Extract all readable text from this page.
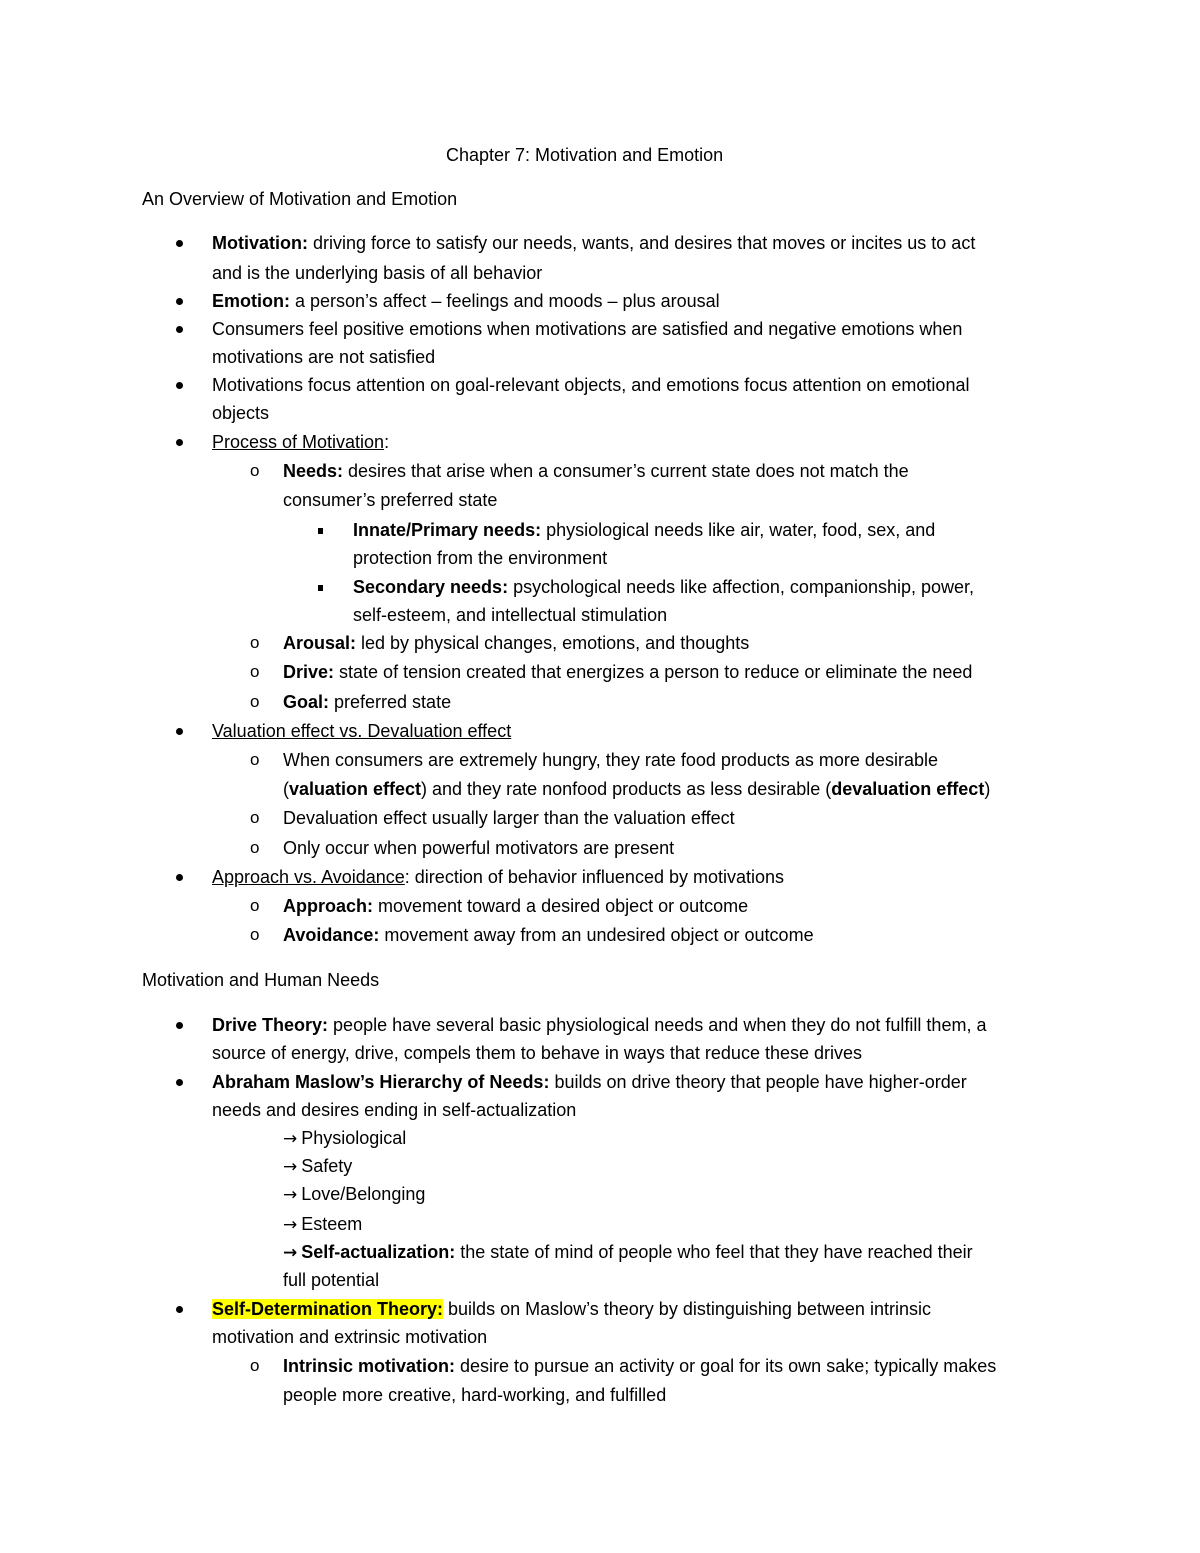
Chapter 7: Motivation and Emotion
An Overview of Motivation and Emotion
Motivation: driving force to satisfy our needs, wants, and desires that moves or incites us to act
and is the underlying basis of all behavior
Emotion: a person’s affect – feelings and moods – plus arousal
Consumers feel positive emotions when motivations are satisfied and negative emotions when
motivations are not satisfied
Motivations focus attention on goal-relevant objects, and emotions focus attention on emotional
objects
Process of Motivation:
o Needs: desires that arise when a consumer’s current state does not match the
consumer’s preferred state
Innate/Primary needs: physiological needs like air, water, food, sex, and
protection from the environment
Secondary needs: psychological needs like affection, companionship, power,
self-esteem, and intellectual stimulation
o Arousal: led by physical changes, emotions, and thoughts
o Drive: state of tension created that energizes a person to reduce or eliminate the need
o Goal: preferred state
Valuation effect vs. Devaluation effect
o When consumers are extremely hungry, they rate food products as more desirable
(valuation effect) and they rate nonfood products as less desirable (devaluation effect)
o Devaluation effect usually larger than the valuation effect
o Only occur when powerful motivators are present
Approach vs. Avoidance: direction of behavior influenced by motivations
o Approach: movement toward a desired object or outcome
o Avoidance: movement away from an undesired object or outcome
Motivation and Human Needs
Drive Theory: people have several basic physiological needs and when they do not fulfill them, a
source of energy, drive, compels them to behave in ways that reduce these drives
Abraham Maslow’s Hierarchy of Needs: builds on drive theory that people have higher-order
needs and desires ending in self-actualization
→ Physiological
→ Safety
→ Love/Belonging
→ Esteem
→ Self-actualization: the state of mind of people who feel that they have reached their
full potential
Self-Determination Theory: builds on Maslow’s theory by distinguishing between intrinsic
motivation and extrinsic motivation
o Intrinsic motivation: desire to pursue an activity or goal for its own sake; typically makes
people more creative, hard-working, and fulfilled
